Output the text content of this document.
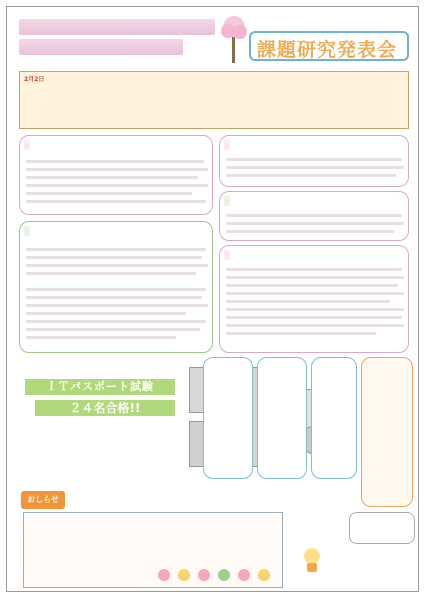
課題研究発表会
2月2日
ＩＴパスポート試験
２４名合格!!
おしらせ
